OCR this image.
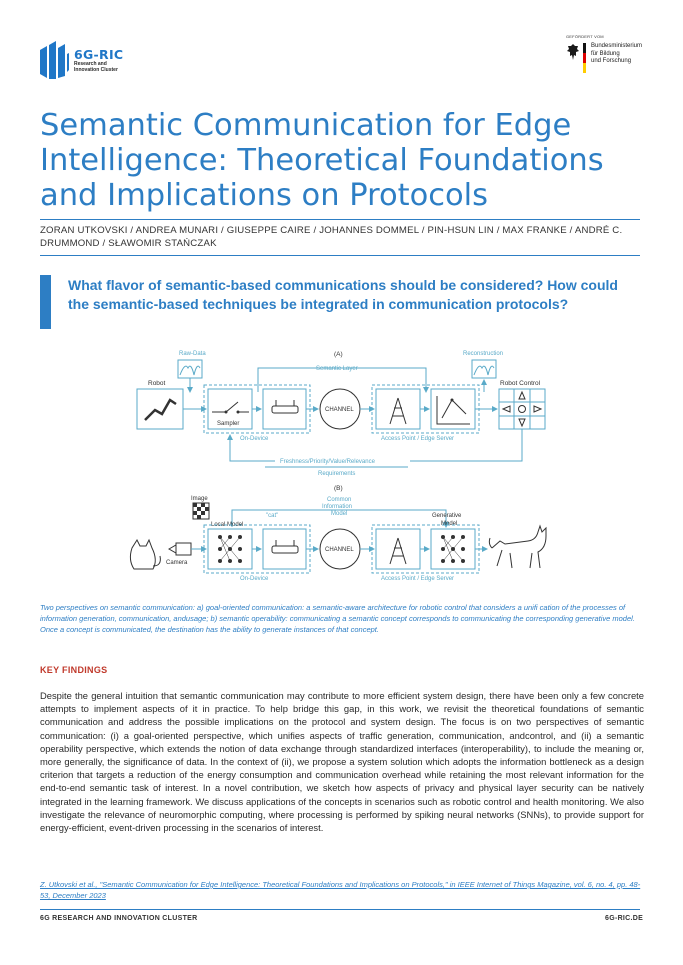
6G-RIC
Research and
Innovation Cluster
GEFÖRDERT VOM
Bundesministerium
für Bildung
und Forschung
Semantic Communication for Edge Intelligence: Theoretical Foundations and Implications on Protocols
ZORAN UTKOVSKI / ANDREA MUNARI / GIUSEPPE CAIRE / JOHANNES DOMMEL / PIN-HSUN LIN / MAX FRANKE / ANDRÉ C. DRUMMOND / SŁAWOMIR STAŃCZAK
What flavor of semantic-based communications should be considered? How could the semantic-based techniques be integrated in communication protocols?
(A)
Raw-Data	Reconstruction
Semantic Layer
Robot
Sampler
CHANNEL
Robot Control
On-Device	Access Point / Edge Server
Freshness/Priority/Value/Relevance
Requirements
(B)
Image	Common
Information
Model
"cat"
Local Model
Generative
Model
Camera
CHANNEL
On-Device	Access Point / Edge Server
Two perspectives on semantic communication: a) goal-oriented communication: a semantic-aware architecture for robotic control that considers a unifi cation of the processes of information generation, communication, andusage; b) semantic operability: communicating a semantic concept corresponds to communicating the corresponding generative model. Once a concept is communicated, the destination has the ability to generate instances of that concept.
KEY FINDINGS
Despite the general intuition that semantic communication may contribute to more efficient system design, there have been only a few concrete attempts to implement aspects of it in practice. To help bridge this gap, in this work, we revisit the theoretical foundations of semantic communication and address the possible implications on the protocol and system design. The focus is on two perspectives of semantic communication: (i) a goal-oriented perspective, which unifies aspects of traffic generation, communication, andcontrol, and (ii) a semantic operability perspective, which extends the notion of data exchange through standardized interfaces (interoperability), to include the meaning or, more generally, the significance of data. In the context of (ii), we propose a system solution which adopts the information bottleneck as a design criterion that targets a reduction of the energy consumption and communication overhead while retaining the most relevant information for the end-to-end semantic task of interest. In a novel contribution, we sketch how aspects of privacy and physical layer security can be natively integrated in the learning framework. We discuss applications of the concepts in scenarios such as robotic control and health monitoring. We also investigate the relevance of neuromorphic computing, where processing is performed by spiking neural networks (SNNs), to provide support for energy-efficient, event-driven processing in the scenarios of interest.
Z. Utkovski et al., "Semantic Communication for Edge Intelligence: Theoretical Foundations and Implications on Protocols," in IEEE Internet of Things Magazine, vol. 6, no. 4, pp. 48-53, December 2023
6G RESEARCH AND INNOVATION CLUSTER	6G-RIC.DE
